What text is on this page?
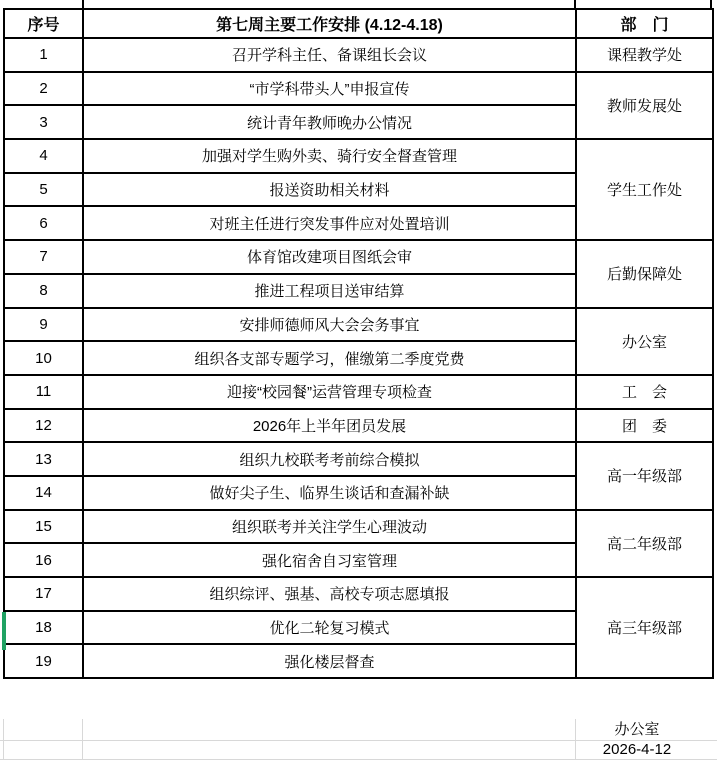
序号	第七周主要工作安排 (4.12-4.18)	部　门
1	召开学科主任、备课组长会议	课程教学处
2	“市学科带头人”申报宣传	教师发展处
3	统计青年教师晚办公情况	
4	加强对学生购外卖、骑行安全督查管理	学生工作处
5	报送资助相关材料	
6	对班主任进行突发事件应对处置培训	
7	体育馆改建项目图纸会审	后勤保障处
8	推进工程项目送审结算	
9	安排师德师风大会会务事宜	办公室
10	组织各支部专题学习，催缴第二季度党费	
11	迎接“校园餐”运营管理专项检查	工　会
12	2026年上半年团员发展	团　委
13	组织九校联考考前综合模拟	高一年级部
14	做好尖子生、临界生谈话和查漏补缺	
15	组织联考并关注学生心理波动	高二年级部
16	强化宿舍自习室管理	
17	组织综评、强基、高校专项志愿填报	高三年级部
18	优化二轮复习模式	
19	强化楼层督查	
办公室
2026-4-12
